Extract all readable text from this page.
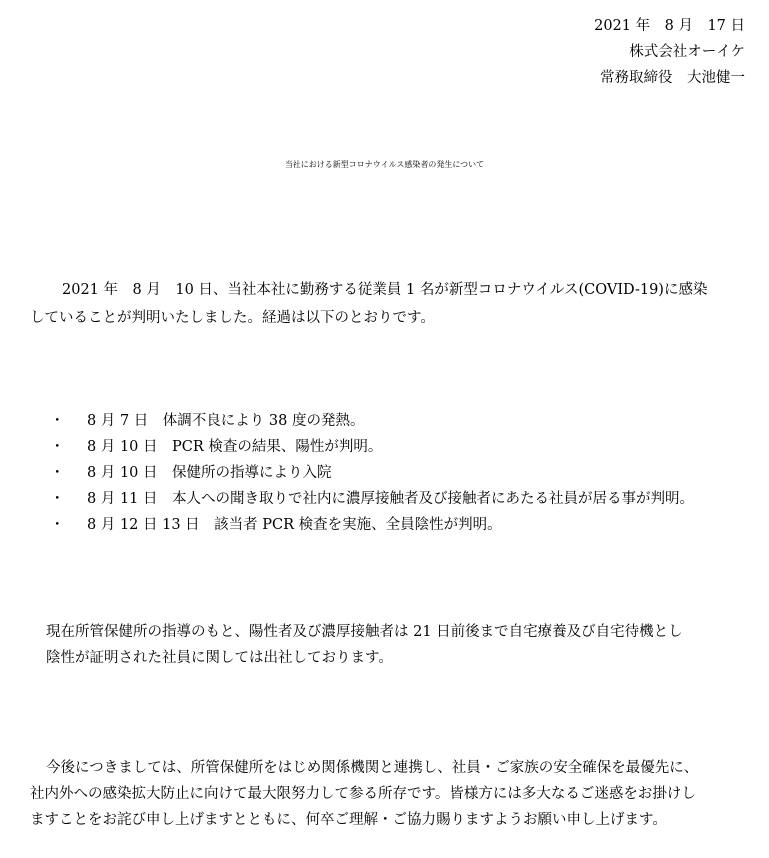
2021 年　8 月　17 日
株式会社オーイケ
常務取締役　大池健一
当社における新型コロナウイルス感染者の発生について
2021 年　8 月　10 日、当社本社に勤務する従業員 1 名が新型コロナウイルス(COVID-19)に感染
していることが判明いたしました。経過は以下のとおりです。
・ 8 月 7 日　体調不良により 38 度の発熱。
・ 8 月 10 日　PCR 検査の結果、陽性が判明。
・ 8 月 10 日　保健所の指導により入院
・ 8 月 11 日　本人への聞き取りで社内に濃厚接触者及び接触者にあたる社員が居る事が判明。
・ 8 月 12 日 13 日　該当者 PCR 検査を実施、全員陰性が判明。
現在所管保健所の指導のもと、陽性者及び濃厚接触者は 21 日前後まで自宅療養及び自宅待機とし
陰性が証明された社員に関しては出社しております。
今後につきましては、所管保健所をはじめ関係機関と連携し、社員・ご家族の安全確保を最優先に、
社内外への感染拡大防止に向けて最大限努力して参る所存です。皆様方には多大なるご迷惑をお掛けし
ますことをお詫び申し上げますとともに、何卒ご理解・ご協力賜りますようお願い申し上げます。
